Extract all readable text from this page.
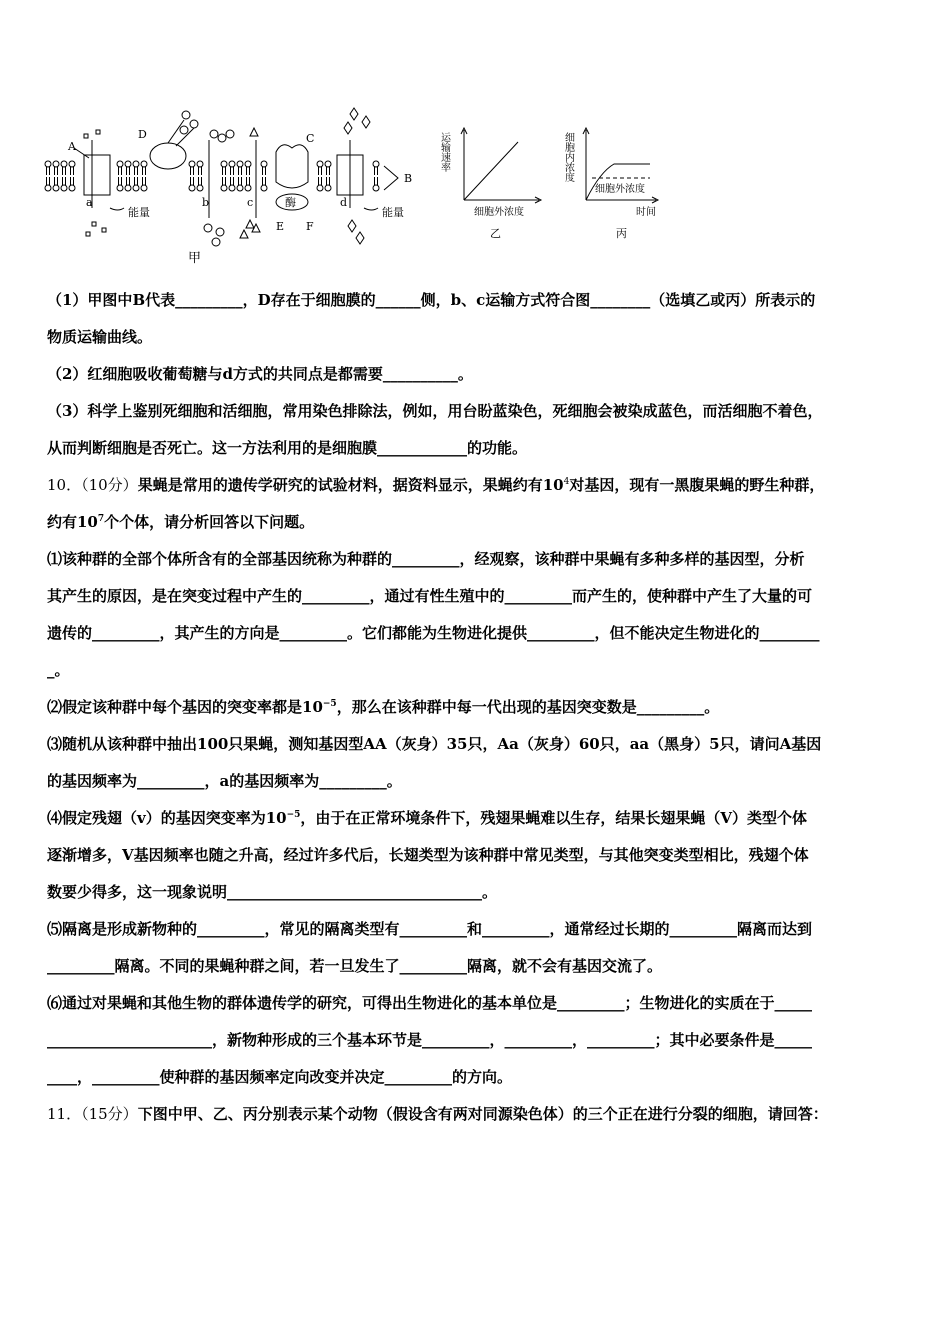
A
a
能量
D
b	c	酶
C
E F
d
能量
B
甲
运输速率
细胞外浓度
乙
细胞内浓度
细胞外浓度
时间
丙
（1）甲图中B代表_________，D存在于细胞膜的______侧，b、c运输方式符合图________（选填乙或丙）所表示的
物质运输曲线。
（2）红细胞吸收葡萄糖与d方式的共同点是都需要__________。
（3）科学上鉴别死细胞和活细胞，常用染色排除法，例如，用台盼蓝染色，死细胞会被染成蓝色，而活细胞不着色，
从而判断细胞是否死亡。这一方法利用的是细胞膜____________的功能。
10．（10分）果蝇是常用的遗传学研究的试验材料，据资料显示，果蝇约有$10^4$对基因，现有一黑腹果蝇的野生种群，
约有$10^7$个个体，请分析回答以下问题。
⑴该种群的全部个体所含有的全部基因统称为种群的_________，经观察，该种群中果蝇有多种多样的基因型，分析
其产生的原因，是在突变过程中产生的_________，通过有性生殖中的_________而产生的，使种群中产生了大量的可
遗传的_________，其产生的方向是_________。它们都能为生物进化提供_________，但不能决定生物进化的________
_。
⑵假定该种群中每个基因的突变率都是$10^{-5}$，那么在该种群中每一代出现的基因突变数是_________。
⑶随机从该种群中抽出100只果蝇，测知基因型AA（灰身）35只，Aa（灰身）60只，aa（黑身）5只，请问A基因
的基因频率为_________，a的基因频率为_________。
⑷假定残翅（v）的基因突变率为$10^{-5}$，由于在正常环境条件下，残翅果蝇难以生存，结果长翅果蝇（V）类型个体
逐渐增多，V基因频率也随之升高，经过许多代后，长翅类型为该种群中常见类型，与其他突变类型相比，残翅个体
数要少得多，这一现象说明__________________________________。
⑸隔离是形成新物种的_________，常见的隔离类型有_________和_________，通常经过长期的_________隔离而达到
_________隔离。不同的果蝇种群之间，若一旦发生了_________隔离，就不会有基因交流了。
⑹通过对果蝇和其他生物的群体遗传学的研究，可得出生物进化的基本单位是_________；生物进化的实质在于_____
______________________，新物种形成的三个基本环节是_________，_________，_________；其中必要条件是_____
____，_________使种群的基因频率定向改变并决定_________的方向。
11．（15分）下图中甲、乙、丙分别表示某个动物（假设含有两对同源染色体）的三个正在进行分裂的细胞，请回答：
